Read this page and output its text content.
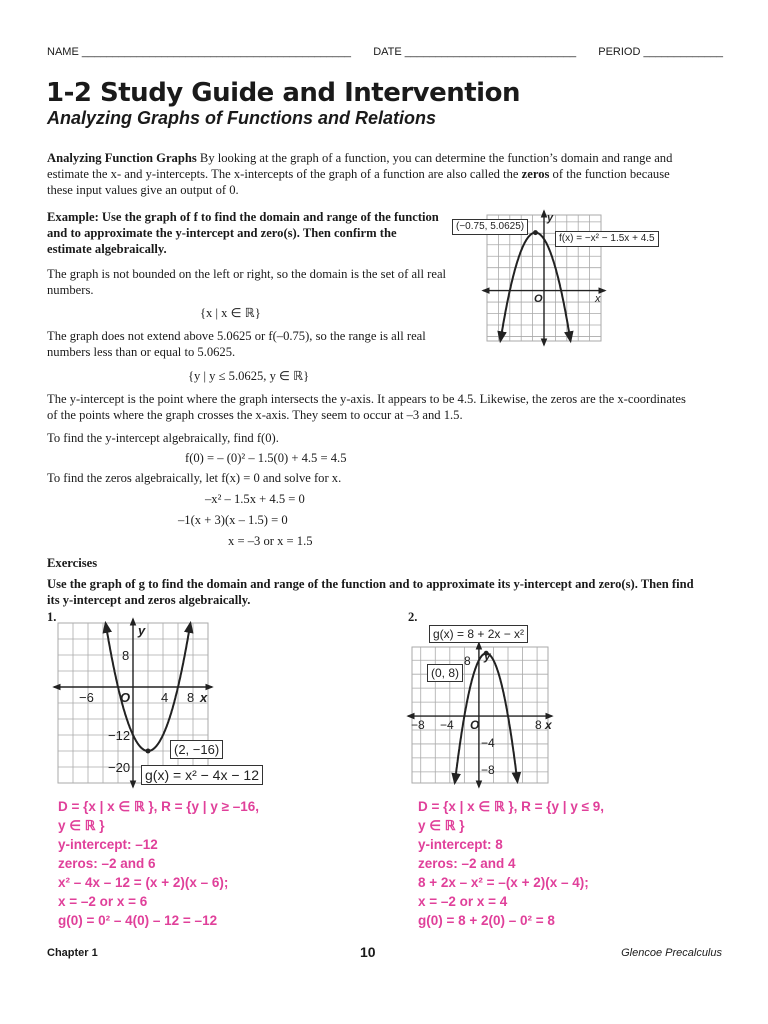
NAME ____________________________________________ DATE ____________________________ PERIOD _____________
1-2 Study Guide and Intervention
Analyzing Graphs of Functions and Relations
Analyzing Function Graphs By looking at the graph of a function, you can determine the function’s domain and range and estimate the x- and y-intercepts. The x-intercepts of the graph of a function are also called the zeros of the function because these input values give an output of 0.
Example: Use the graph of f to find the domain and range of the function and to approximate the y-intercept and zero(s). Then confirm the estimate algebraically.
The graph is not bounded on the left or right, so the domain is the set of all real numbers.
{x | x ∈ ℝ}
The graph does not extend above 5.0625 or f(–0.75), so the range is all real numbers less than or equal to 5.0625.
{y | y ≤ 5.0625, y ∈ ℝ}
The y-intercept is the point where the graph intersects the y-axis. It appears to be 4.5. Likewise, the zeros are the x-coordinates of the points where the graph crosses the x-axis. They seem to occur at –3 and 1.5.
To find the y-intercept algebraically, find f(0).
f(0) = – (0)² – 1.5(0) + 4.5 = 4.5
To find the zeros algebraically, let f(x) = 0 and solve for x.
–x² – 1.5x + 4.5 = 0
–1(x + 3)(x – 1.5) = 0
x = –3 or x = 1.5
(−0.75, 5.0625)
f(x) = −x² − 1.5x + 4.5
y
O	x
Exercises
Use the graph of g to find the domain and range of the function and to approximate its y-intercept and zero(s). Then find its y-intercept and zeros algebraically.
1.	2.
−6 O 4 8 x
y
8
−12
−20
(2, −16)
g(x) = x² − 4x − 12
g(x) = 8 + 2x − x²
(0, 8)
8 y
−8 −4 O	8 x
−4
−8
D = {x | x ∈ ℝ }, R = {y | y ≥ –16,
y ∈ ℝ }
y-intercept: –12
zeros: –2 and 6
x² – 4x – 12 = (x + 2)(x – 6);
x = –2 or x = 6
g(0) = 0² – 4(0) – 12 = –12
D = {x | x ∈ ℝ }, R = {y | y ≤ 9,
y ∈ ℝ }
y-intercept: 8
zeros: –2 and 4
8 + 2x – x² = –(x + 2)(x – 4);
x = –2 or x = 4
g(0) = 8 + 2(0) – 0² = 8
Chapter 1	10	Glencoe Precalculus
